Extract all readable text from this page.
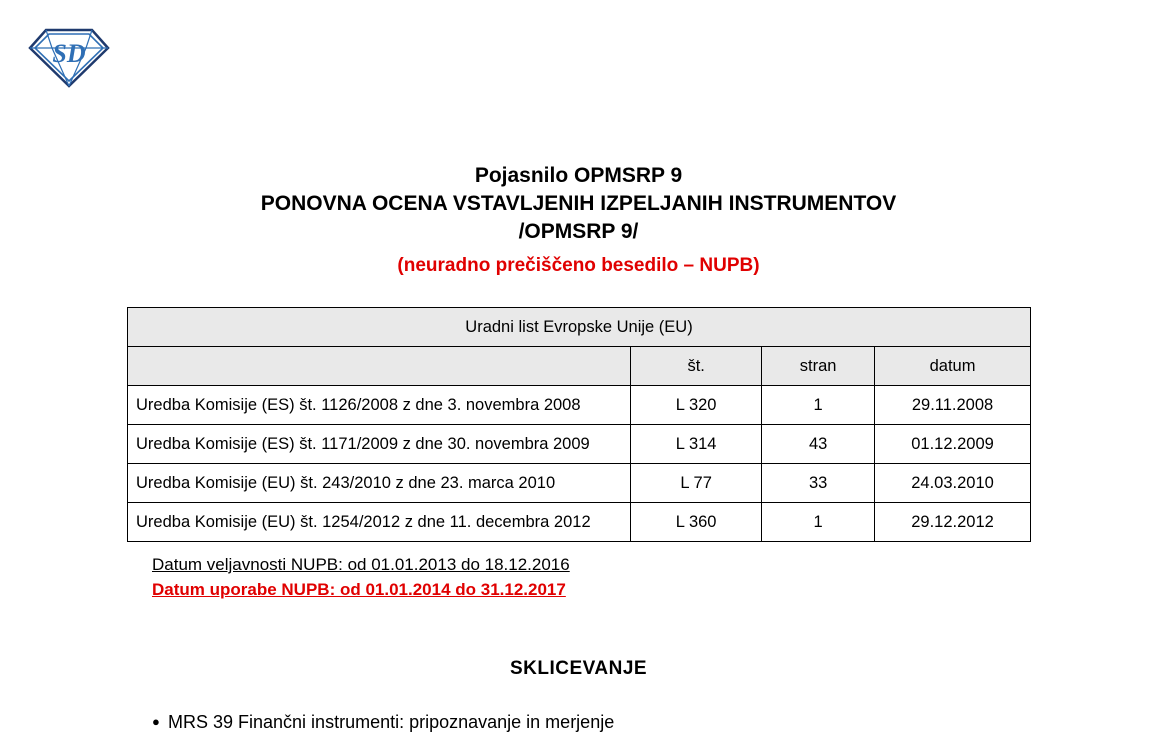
SD
Pojasnilo OPMSRP 9
PONOVNA OCENA VSTAVLJENIH IZPELJANIH INSTRUMENTOV
/OPMSRP 9/
(neuradno prečiščeno besedilo – NUPB)
Uradni list Evropske Unije (EU)			
	št.	stran	datum
Uredba Komisije (ES) št. 1126/2008 z dne 3. novembra 2008	L 320	1	29.11.2008
Uredba Komisije (ES) št. 1171/2009 z dne 30. novembra 2009	L 314	43	01.12.2009
Uredba Komisije (EU) št. 243/2010 z dne 23. marca 2010	L 77	33	24.03.2010
Uredba Komisije (EU) št. 1254/2012 z dne 11. decembra 2012	L 360	1	29.12.2012
Datum veljavnosti NUPB: od 01.01.2013 do 18.12.2016
Datum uporabe NUPB: od 01.01.2014 do 31.12.2017
SKLICEVANJE
● MRS 39 Finančni instrumenti: pripoznavanje in merjenje
